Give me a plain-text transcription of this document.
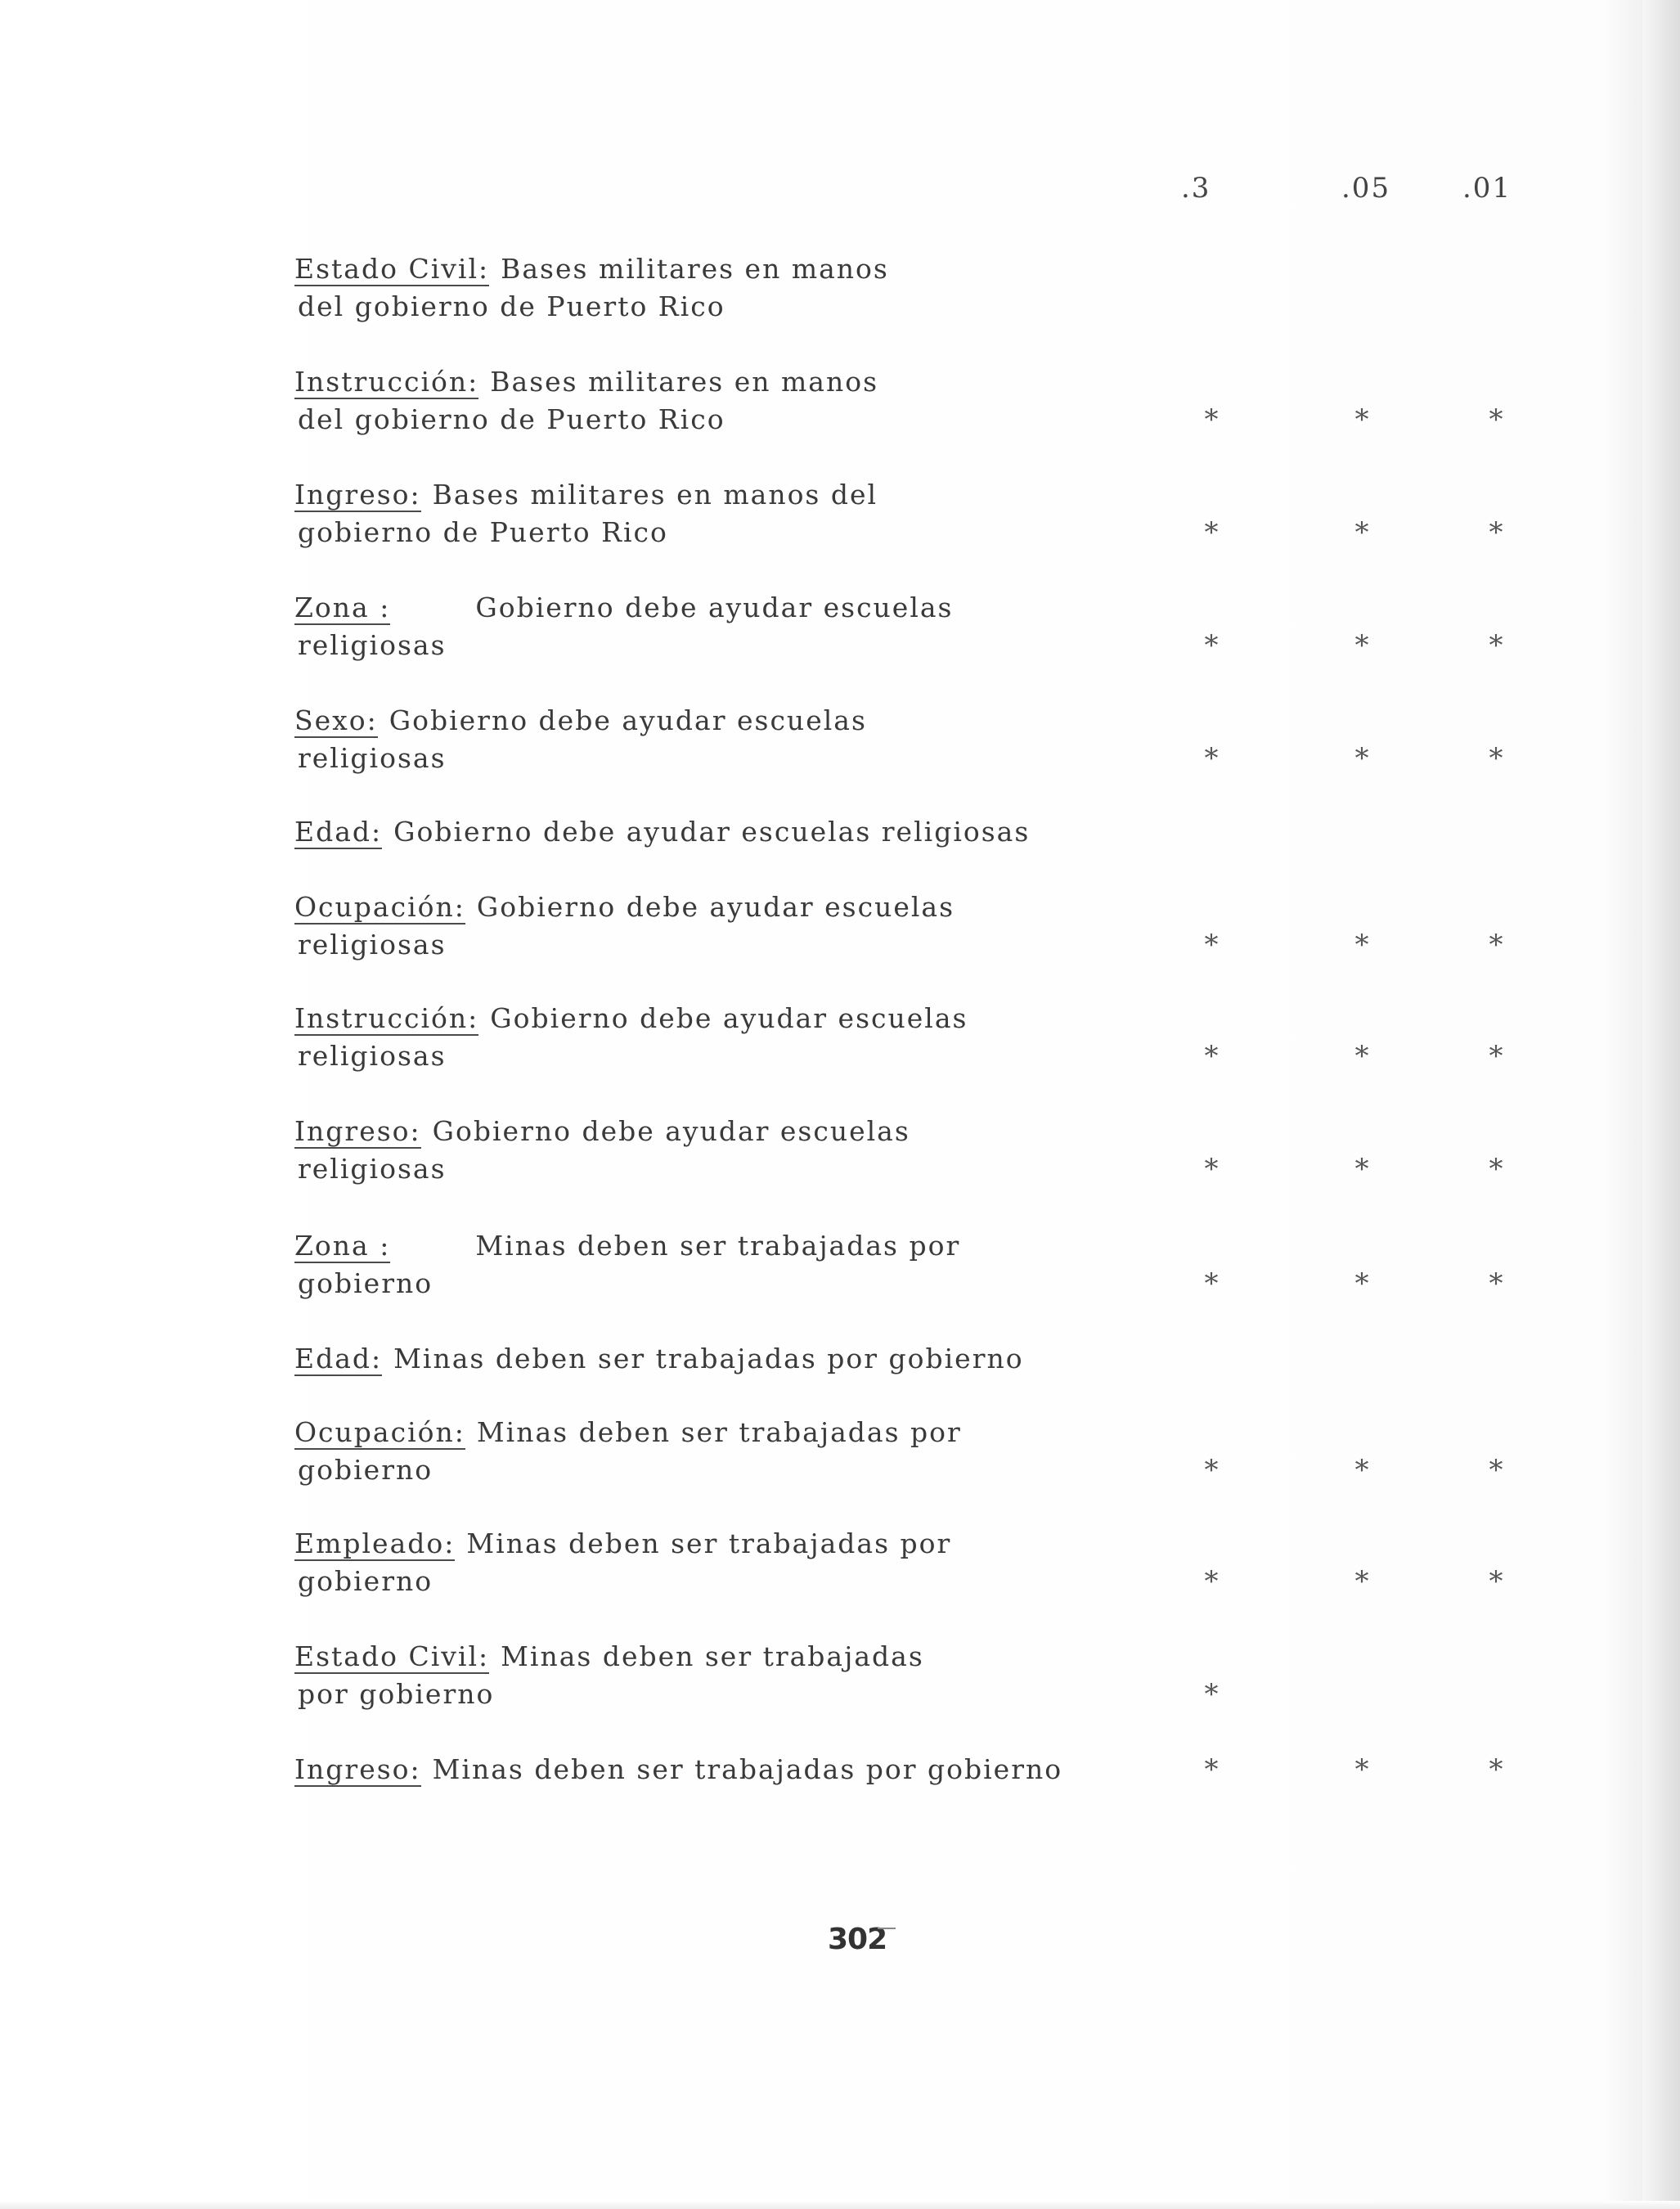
.3	.05	.01
Estado Civil: Bases militares en manos
del gobierno de Puerto Rico
Instrucción: Bases militares en manos
del gobierno de Puerto Rico	*	*	*
Ingreso: Bases militares en manos del
gobierno de Puerto Rico	*	*	*
Zona :	Gobierno debe ayudar escuelas
religiosas	*	*	*
Sexo: Gobierno debe ayudar escuelas
religiosas	*	*	*
Edad: Gobierno debe ayudar escuelas religiosas
Ocupación: Gobierno debe ayudar escuelas
religiosas	*	*	*
Instrucción: Gobierno debe ayudar escuelas
religiosas	*	*	*
Ingreso: Gobierno debe ayudar escuelas
religiosas	*	*	*
Zona :	Minas deben ser trabajadas por
gobierno	*	*	*
Edad: Minas deben ser trabajadas por gobierno
Ocupación: Minas deben ser trabajadas por
gobierno	*	*	*
Empleado: Minas deben ser trabajadas por
gobierno	*	*	*
Estado Civil: Minas deben ser trabajadas
por gobierno	*
Ingreso: Minas deben ser trabajadas por gobierno	*	*	*
302
